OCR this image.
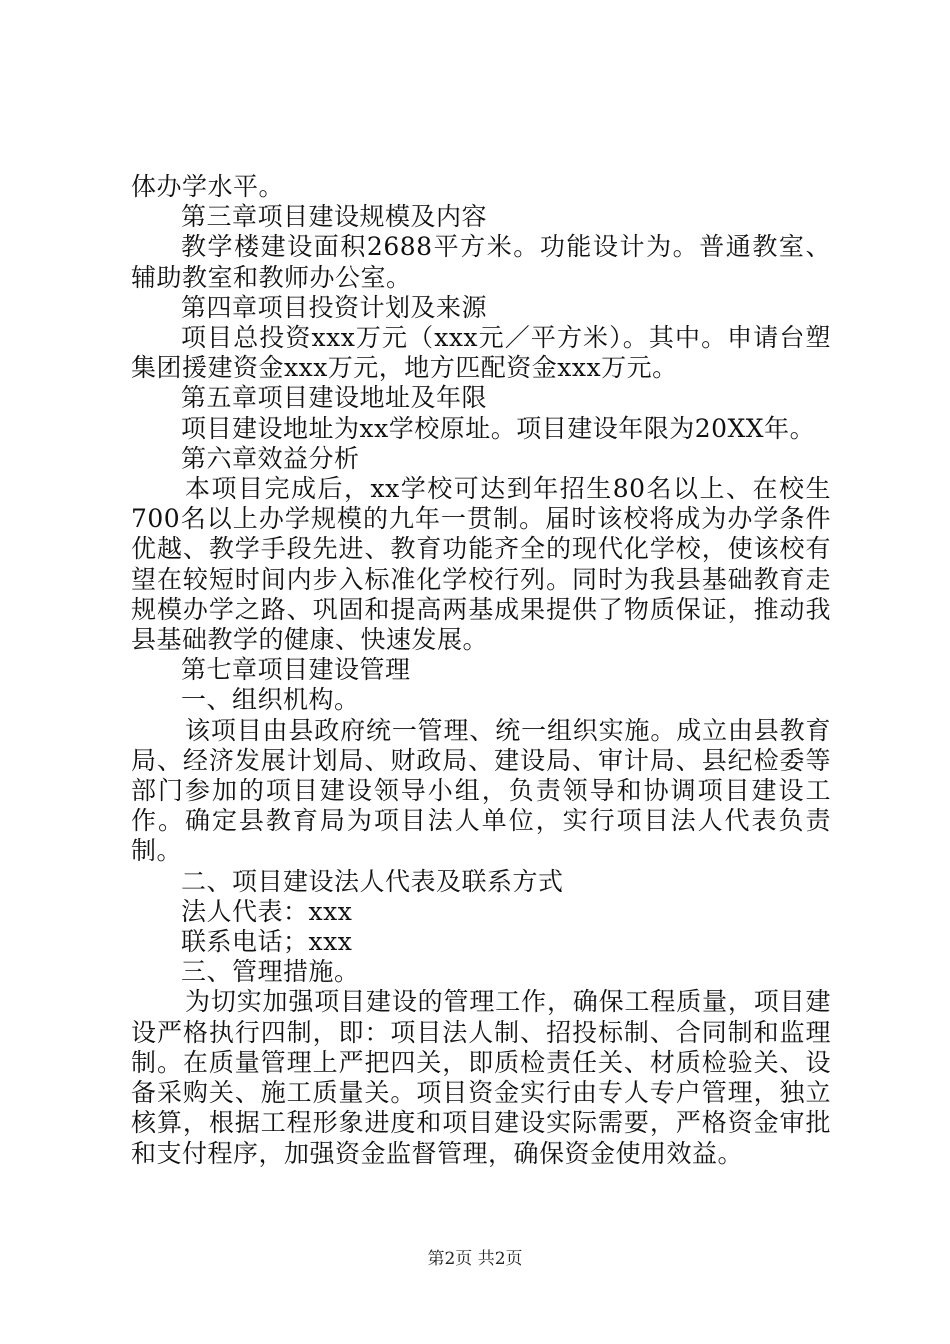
体办学水平。

第三章项目建设规模及内容

教学楼建设面积2688平方米。功能设计为。普通教室、辅助教室和教师办公室。

第四章项目投资计划及来源

项目总投资xxx万元（xxx元／平方米）。其中。申请台塑集团援建资金xxx万元，地方匹配资金xxx万元。

第五章项目建设地址及年限

项目建设地址为xx学校原址。项目建设年限为20XX年。

第六章效益分析

本项目完成后，xx学校可达到年招生80名以上、在校生700名以上办学规模的九年一贯制。届时该校将成为办学条件优越、教学手段先进、教育功能齐全的现代化学校，使该校有望在较短时间内步入标准化学校行列。同时为我县基础教育走规模办学之路、巩固和提高两基成果提供了物质保证，推动我县基础教学的健康、快速发展。

第七章项目建设管理

一、组织机构。

该项目由县政府统一管理、统一组织实施。成立由县教育局、经济发展计划局、财政局、建设局、审计局、县纪检委等部门参加的项目建设领导小组，负责领导和协调项目建设工作。确定县教育局为项目法人单位，实行项目法人代表负责制。

二、项目建设法人代表及联系方式

法人代表：xxx

联系电话；xxx

三、管理措施。

为切实加强项目建设的管理工作，确保工程质量，项目建设严格执行四制，即：项目法人制、招投标制、合同制和监理制。在质量管理上严把四关，即质检责任关、材质检验关、设备采购关、施工质量关。项目资金实行由专人专户管理，独立核算，根据工程形象进度和项目建设实际需要，严格资金审批和支付程序，加强资金监督管理，确保资金使用效益。

第2页 共2页
